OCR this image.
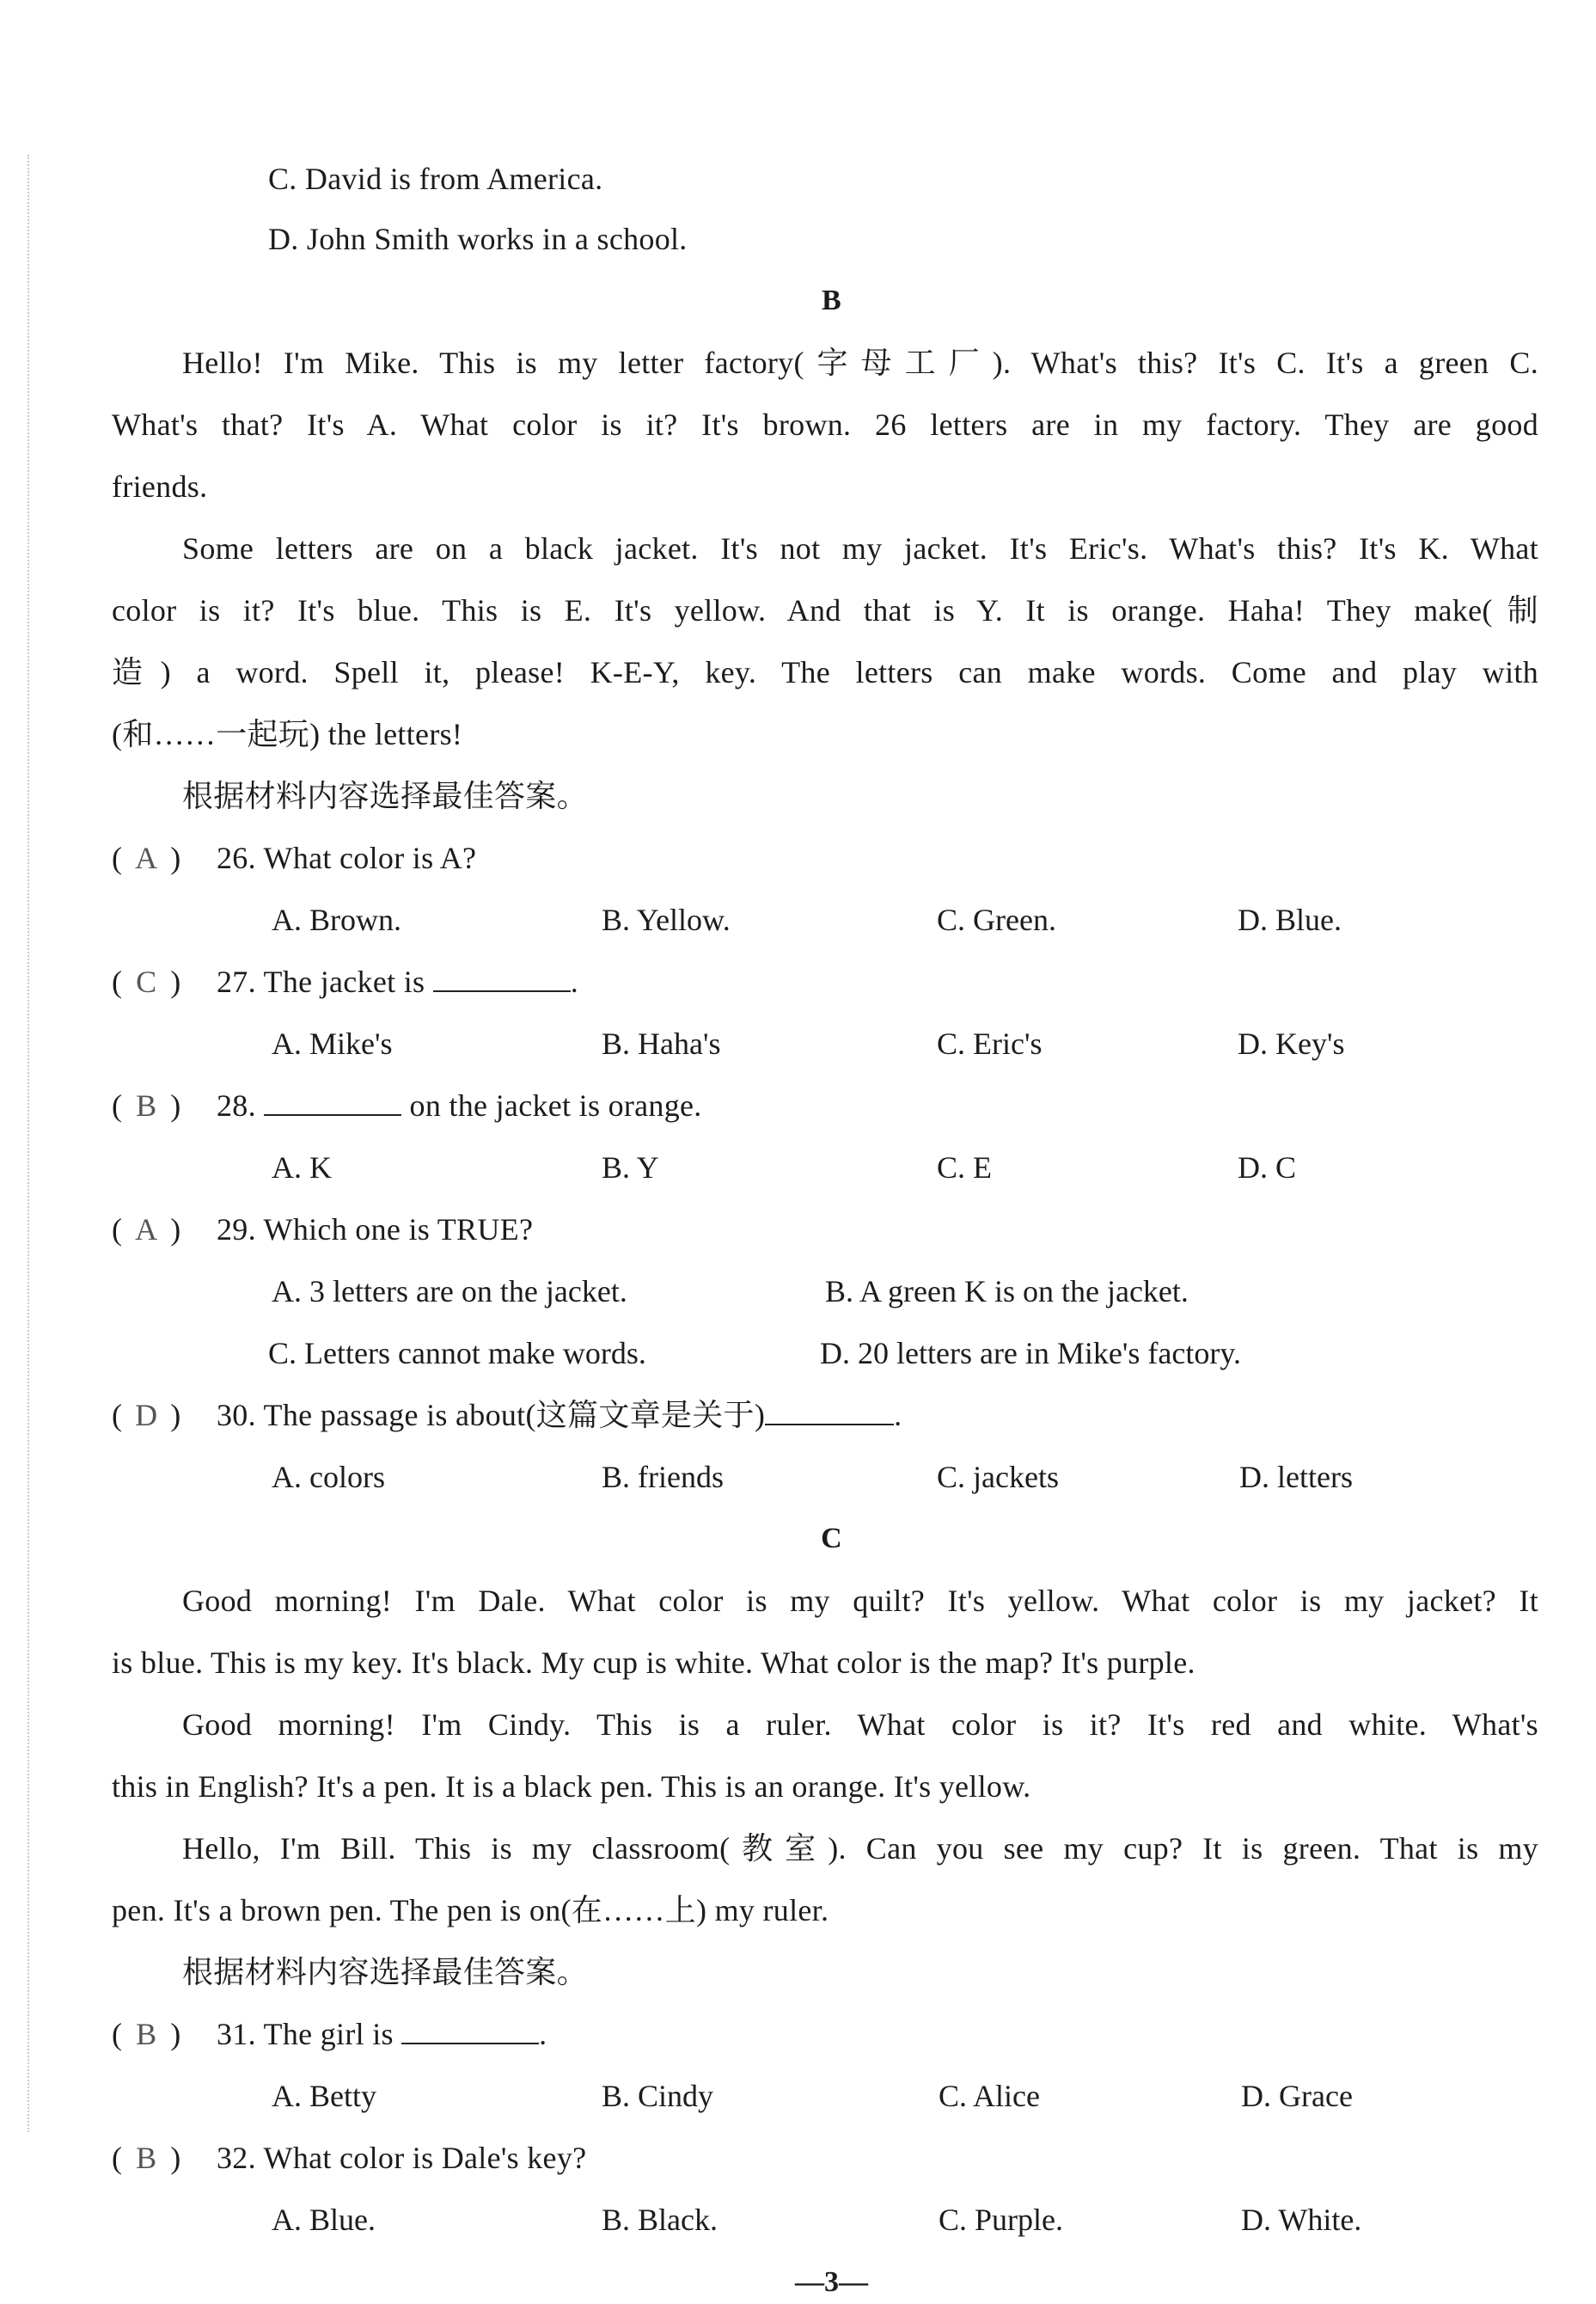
C. David is from America.
D. John Smith works in a school.
B
Hello! I'm Mike. This is my letter factory(字母工厂). What's this? It's C. It's a green C.
What's that? It's A. What color is it? It's brown. 26 letters are in my factory. They are good
friends.
Some letters are on a black jacket. It's not my jacket. It's Eric's. What's this? It's K. What
color is it? It's blue. This is E. It's yellow. And that is Y. It is orange. Haha! They make(制
造) a word. Spell it, please! K-E-Y, key. The letters can make words. Come and play with
(和……一起玩) the letters!
根据材料内容选择最佳答案。
( A ) 26. What color is A?
A. Brown.	B. Yellow.	C. Green.	D. Blue.
( C ) 27. The jacket is	.
A. Mike's	B. Haha's	C. Eric's	D. Key's
( B ) 28.	on the jacket is orange.
A. K	B. Y	C. E	D. C
( A ) 29. Which one is TRUE?
A. 3 letters are on the jacket.	B. A green K is on the jacket.
C. Letters cannot make words.	D. 20 letters are in Mike's factory.
( D ) 30. The passage is about(这篇文章是关于)	.
A. colors	B. friends	C. jackets	D. letters
C
Good morning! I'm Dale. What color is my quilt? It's yellow. What color is my jacket? It
is blue. This is my key. It's black. My cup is white. What color is the map? It's purple.
Good morning! I'm Cindy. This is a ruler. What color is it? It's red and white. What's
this in English? It's a pen. It is a black pen. This is an orange. It's yellow.
Hello, I'm Bill. This is my classroom(教室). Can you see my cup? It is green. That is my
pen. It's a brown pen. The pen is on(在……上) my ruler.
根据材料内容选择最佳答案。
( B ) 31. The girl is	.
A. Betty	B. Cindy	C. Alice	D. Grace
( B ) 32. What color is Dale's key?
A. Blue.	B. Black.	C. Purple.	D. White.
—3—
